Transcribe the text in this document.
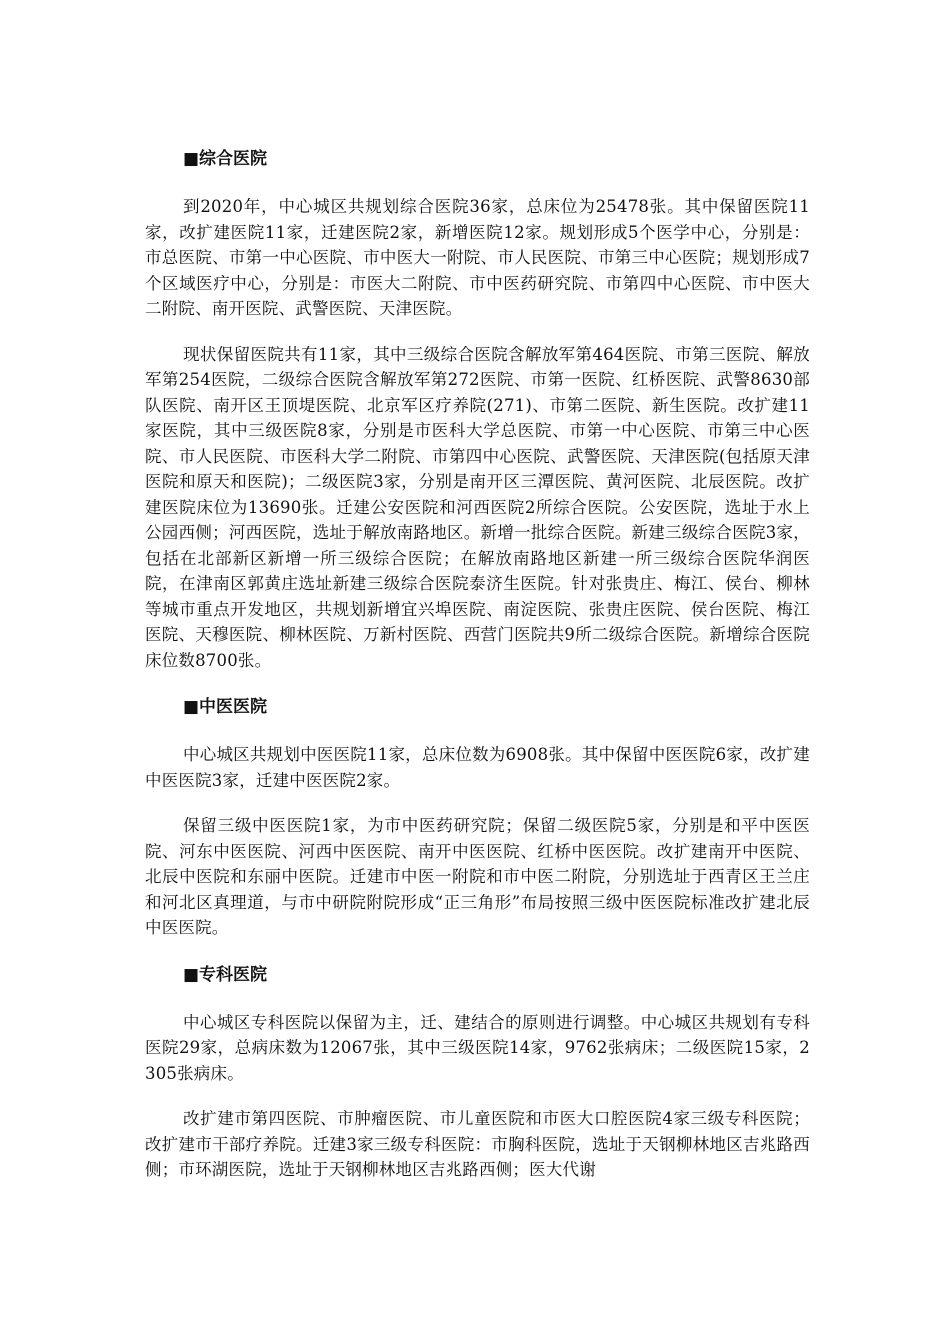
■综合医院

到2020年，中心城区共规划综合医院36家，总床位为25478张。其中保留医院11家，改扩建医院11家，迁建医院2家，新增医院12家。规划形成5个医学中心，分别是：市总医院、市第一中心医院、市中医大一附院、市人民医院、市第三中心医院；规划形成7个区域医疗中心，分别是：市医大二附院、市中医药研究院、市第四中心医院、市中医大二附院、南开医院、武警医院、天津医院。

现状保留医院共有11家，其中三级综合医院含解放军第464医院、市第三医院、解放军第254医院，二级综合医院含解放军第272医院、市第一医院、红桥医院、武警8630部队医院、南开区王顶堤医院、北京军区疗养院(271)、市第二医院、新生医院。改扩建11家医院，其中三级医院8家，分别是市医科大学总医院、市第一中心医院、市第三中心医院、市人民医院、市医科大学二附院、市第四中心医院、武警医院、天津医院(包括原天津医院和原天和医院)；二级医院3家，分别是南开区三潭医院、黄河医院、北辰医院。改扩建医院床位为13690张。迁建公安医院和河西医院2所综合医院。公安医院，选址于水上公园西侧；河西医院，选址于解放南路地区。新增一批综合医院。新建三级综合医院3家，包括在北部新区新增一所三级综合医院；在解放南路地区新建一所三级综合医院华润医院，在津南区郭黄庄选址新建三级综合医院泰济生医院。针对张贵庄、梅江、侯台、柳林等城市重点开发地区，共规划新增宜兴埠医院、南淀医院、张贵庄医院、侯台医院、梅江医院、天穆医院、柳林医院、万新村医院、西营门医院共9所二级综合医院。新增综合医院床位数8700张。

■中医医院

中心城区共规划中医医院11家，总床位数为6908张。其中保留中医医院6家，改扩建中医医院3家，迁建中医医院2家。

保留三级中医医院1家，为市中医药研究院；保留二级医院5家，分别是和平中医医院、河东中医医院、河西中医医院、南开中医医院、红桥中医医院。改扩建南开中医院、北辰中医院和东丽中医院。迁建市中医一附院和市中医二附院，分别选址于西青区王兰庄和河北区真理道，与市中研院附院形成“正三角形”布局按照三级中医医院标准改扩建北辰中医医院。

■专科医院

中心城区专科医院以保留为主，迁、建结合的原则进行调整。中心城区共规划有专科医院29家，总病床数为12067张，其中三级医院14家，9762张病床；二级医院15家，2305张病床。

改扩建市第四医院、市肿瘤医院、市儿童医院和市医大口腔医院4家三级专科医院；改扩建市干部疗养院。迁建3家三级专科医院：市胸科医院，选址于天钢柳林地区吉兆路西侧；市环湖医院，选址于天钢柳林地区吉兆路西侧；医大代谢
